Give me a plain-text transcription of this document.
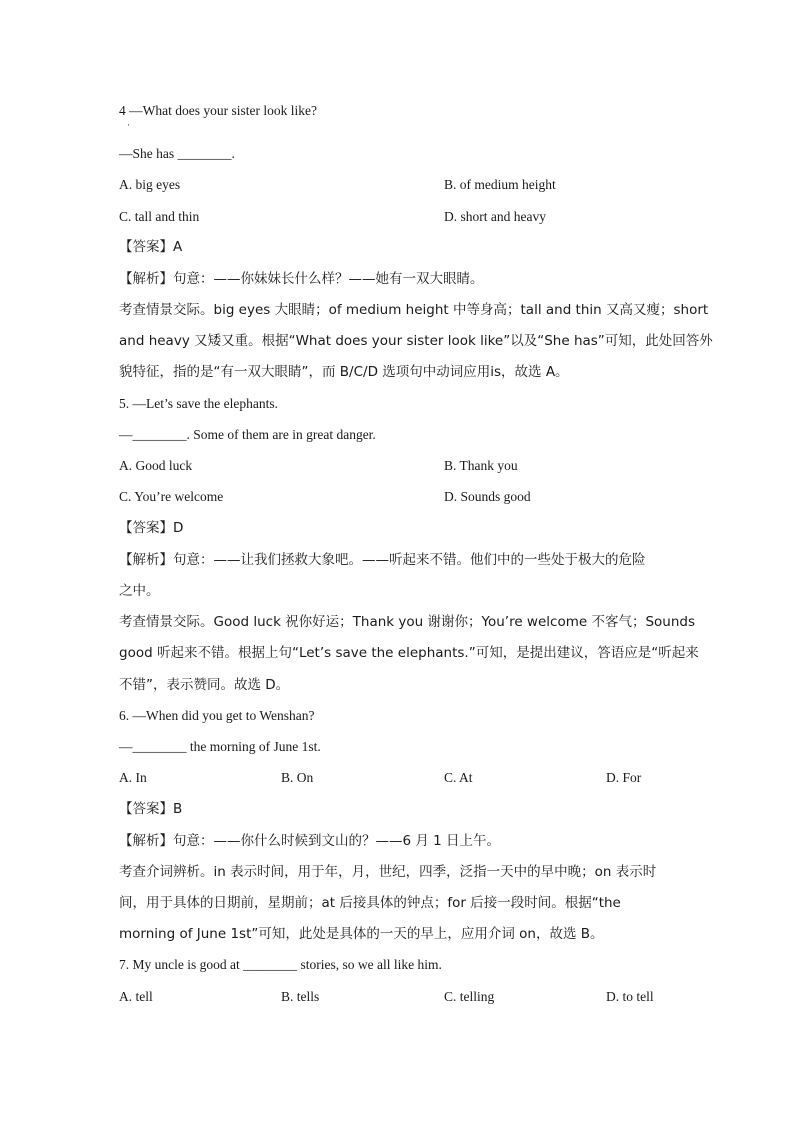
4 —What does your sister look like?
·
—She has ________.
A. big eyes	B. of medium height
C. tall and thin	D. short and heavy
【答案】A
【解析】句意：——你妹妹长什么样？——她有一双大眼睛。
考查情景交际。big eyes 大眼睛；of medium height 中等身高；tall and thin 又高又瘦；short
and heavy 又矮又重。根据“What does your sister look like”以及“She has”可知，此处回答外
貌特征，指的是“有一双大眼睛”，而 B/C/D 选项句中动词应用is，故选 A。
5. —Let’s save the elephants.
—________. Some of them are in great danger.
A. Good luck	B. Thank you
C. You’re welcome	D. Sounds good
【答案】D
【解析】句意：——让我们拯救大象吧。——听起来不错。他们中的一些处于极大的危险
之中。
考查情景交际。Good luck 祝你好运；Thank you 谢谢你；You’re welcome 不客气；Sounds
good 听起来不错。根据上句“Let’s save the elephants.”可知，是提出建议，答语应是“听起来
不错”，表示赞同。故选 D。
6. —When did you get to Wenshan?
—________ the morning of June 1st.
A. In	B. On	C. At	D. For
【答案】B
【解析】句意：——你什么时候到文山的？——6 月 1 日上午。
考查介词辨析。in 表示时间，用于年，月，世纪，四季，泛指一天中的早中晚；on 表示时
间，用于具体的日期前，星期前；at 后接具体的钟点；for 后接一段时间。根据“the
morning of June 1st”可知，此处是具体的一天的早上，应用介词 on，故选 B。
7. My uncle is good at ________ stories, so we all like him.
A. tell	B. tells	C. telling	D. to tell
